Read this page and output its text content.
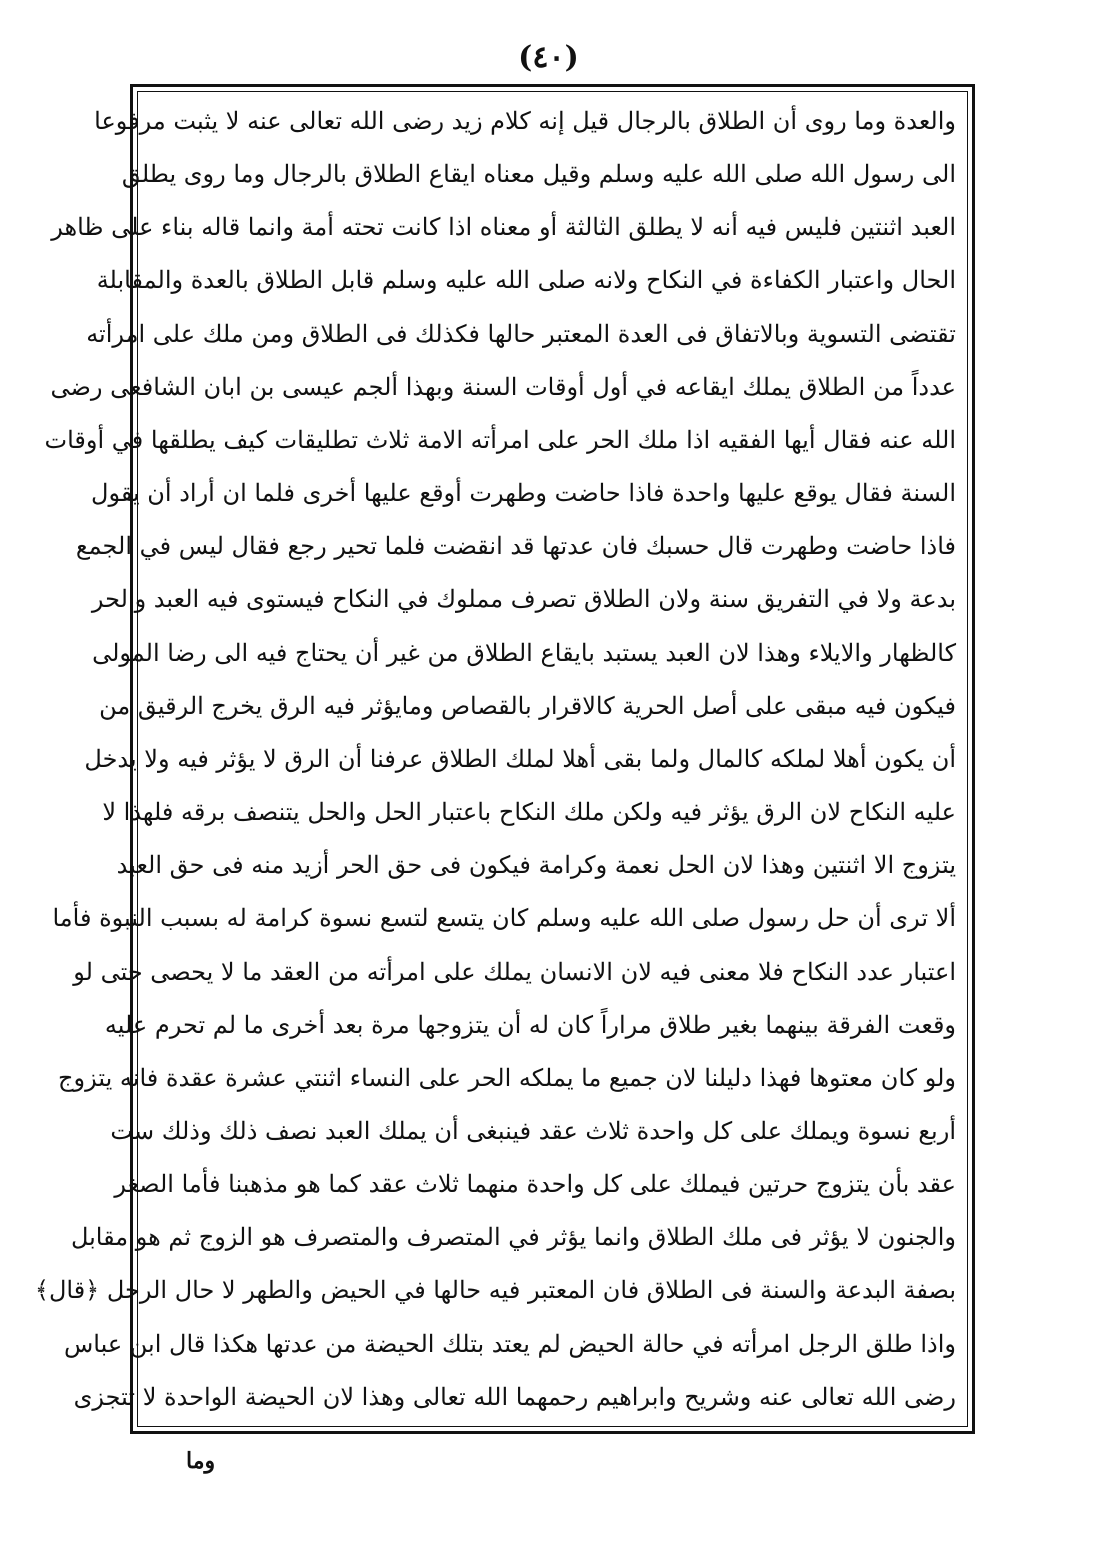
(٤٠)
والعدة وما روى أن الطلاق بالرجال قيل إنه كلام زيد رضى الله تعالى عنه لا يثبت مرفوعا
الى رسول الله صلى الله عليه وسلم وقيل معناه ايقاع الطلاق بالرجال وما روى يطلق
العبد اثنتين فليس فيه أنه لا يطلق الثالثة أو معناه اذا كانت تحته أمة وانما قاله بناء على ظاهر
الحال واعتبار الكفاءة في النكاح ولانه صلى الله عليه وسلم قابل الطلاق بالعدة والمقابلة
تقتضى التسوية وبالاتفاق فى العدة المعتبر حالها فكذلك فى الطلاق ومن ملك على امرأته
عدداً من الطلاق يملك ايقاعه في أول أوقات السنة وبهذا ألجم عيسى بن ابان الشافعى رضى
الله عنه فقال أيها الفقيه اذا ملك الحر على امرأته الامة ثلاث تطليقات كيف يطلقها في أوقات
السنة فقال يوقع عليها واحدة فاذا حاضت وطهرت أوقع عليها أخرى فلما ان أراد أن يقول
فاذا حاضت وطهرت قال حسبك فان عدتها قد انقضت فلما تحير رجع فقال ليس في الجمع
بدعة ولا في التفريق سنة ولان الطلاق تصرف مملوك في النكاح فيستوى فيه العبد والحر
كالظهار والايلاء وهذا لان العبد يستبد بايقاع الطلاق من غير أن يحتاج فيه الى رضا المولى
فيكون فيه مبقى على أصل الحرية كالاقرار بالقصاص ومايؤثر فيه الرق يخرج الرقيق من
أن يكون أهلا لملكه كالمال ولما بقى أهلا لملك الطلاق عرفنا أن الرق لا يؤثر فيه ولا يدخل
عليه النكاح لان الرق يؤثر فيه ولكن ملك النكاح باعتبار الحل والحل يتنصف برقه فلهذا لا
يتزوج الا اثنتين وهذا لان الحل نعمة وكرامة فيكون فى حق الحر أزيد منه فى حق العبد
ألا ترى أن حل رسول صلى الله عليه وسلم كان يتسع لتسع نسوة كرامة له بسبب النبوة فأما
اعتبار عدد النكاح فلا معنى فيه لان الانسان يملك على امرأته من العقد ما لا يحصى حتى لو
وقعت الفرقة بينهما بغير طلاق مراراً كان له أن يتزوجها مرة بعد أخرى ما لم تحرم عليه
ولو كان معتوها فهذا دليلنا لان جميع ما يملكه الحر على النساء اثنتي عشرة عقدة فانه يتزوج
أربع نسوة ويملك على كل واحدة ثلاث عقد فينبغى أن يملك العبد نصف ذلك وذلك ست
عقد بأن يتزوج حرتين فيملك على كل واحدة منهما ثلاث عقد كما هو مذهبنا فأما الصغر
والجنون لا يؤثر فى ملك الطلاق وانما يؤثر في المتصرف والمتصرف هو الزوج ثم هو مقابل
بصفة البدعة والسنة فى الطلاق فان المعتبر فيه حالها في الحيض والطهر لا حال الرجل ﴿قال﴾
واذا طلق الرجل امرأته في حالة الحيض لم يعتد بتلك الحيضة من عدتها هكذا قال ابن عباس
رضى الله تعالى عنه وشريح وابراهيم رحمهما الله تعالى وهذا لان الحيضة الواحدة لا تتجزى
وما
